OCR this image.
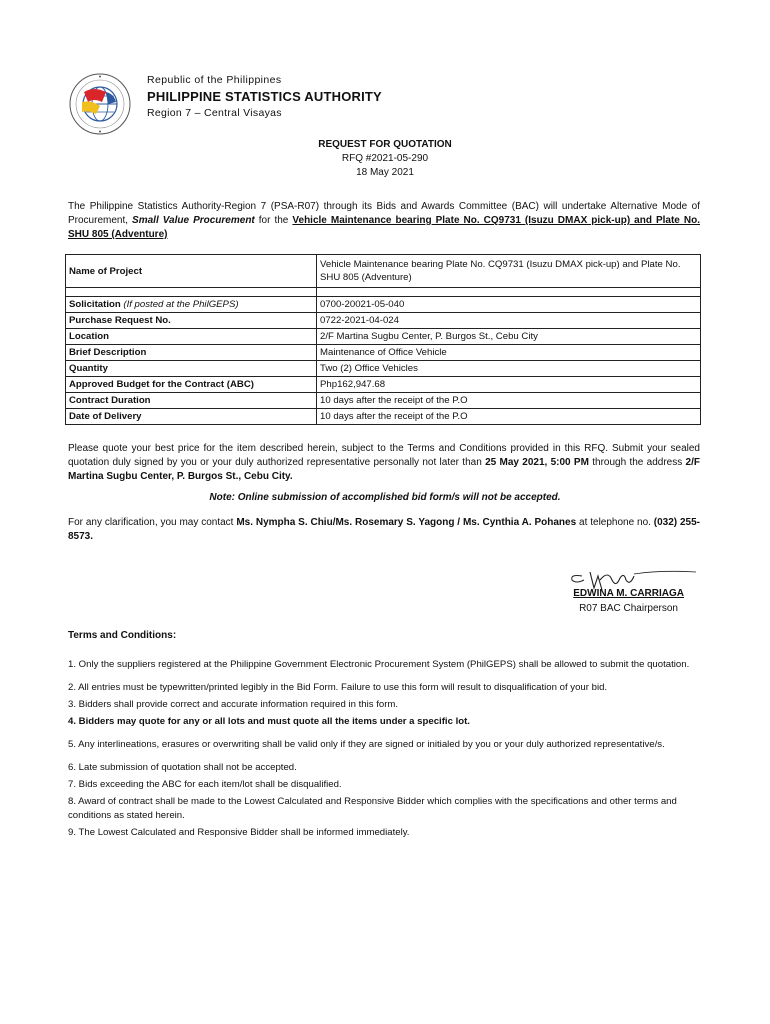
Republic of the Philippines
PHILIPPINE STATISTICS AUTHORITY
Region 7 – Central Visayas
REQUEST FOR QUOTATION
RFQ #2021-05-290
18 May 2021
The Philippine Statistics Authority-Region 7 (PSA-R07) through its Bids and Awards Committee (BAC) will undertake Alternative Mode of Procurement, Small Value Procurement for the Vehicle Maintenance bearing Plate No. CQ9731 (Isuzu DMAX pick-up) and Plate No. SHU 805 (Adventure)
Name of Project	Vehicle Maintenance bearing Plate No. CQ9731 (Isuzu DMAX pick-up) and Plate No. SHU 805 (Adventure)

Solicitation (If posted at the PhilGEPS)	0700-20021-05-040
Purchase Request No.	0722-2021-04-024
Location	2/F Martina Sugbu Center, P. Burgos St., Cebu City
Brief Description	Maintenance of Office Vehicle
Quantity	Two (2) Office Vehicles
Approved Budget for the Contract (ABC)	Php162,947.68
Contract Duration	10 days after the receipt of the P.O
Date of Delivery	10 days after the receipt of the P.O
Please quote your best price for the item described herein, subject to the Terms and Conditions provided in this RFQ. Submit your sealed quotation duly signed by you or your duly authorized representative personally not later than 25 May 2021, 5:00 PM through the address 2/F Martina Sugbu Center, P. Burgos St., Cebu City.
Note: Online submission of accomplished bid form/s will not be accepted.
For any clarification, you may contact Ms. Nympha S. Chiu/Ms. Rosemary S. Yagong / Ms. Cynthia A. Pohanes at telephone no. (032) 255-8573.
EDWINA M. CARRIAGA
R07 BAC Chairperson
Terms and Conditions:
1. Only the suppliers registered at the Philippine Government Electronic Procurement System (PhilGEPS) shall be allowed to submit the quotation.
2. All entries must be typewritten/printed legibly in the Bid Form. Failure to use this form will result to disqualification of your bid.
3. Bidders shall provide correct and accurate information required in this form.
4. Bidders may quote for any or all lots and must quote all the items under a specific lot.
5. Any interlineations, erasures or overwriting shall be valid only if they are signed or initialed by you or your duly authorized representative/s.
6. Late submission of quotation shall not be accepted.
7. Bids exceeding the ABC for each item/lot shall be disqualified.
8. Award of contract shall be made to the Lowest Calculated and Responsive Bidder which complies with the specifications and other terms and conditions as stated herein.
9. The Lowest Calculated and Responsive Bidder shall be informed immediately.
